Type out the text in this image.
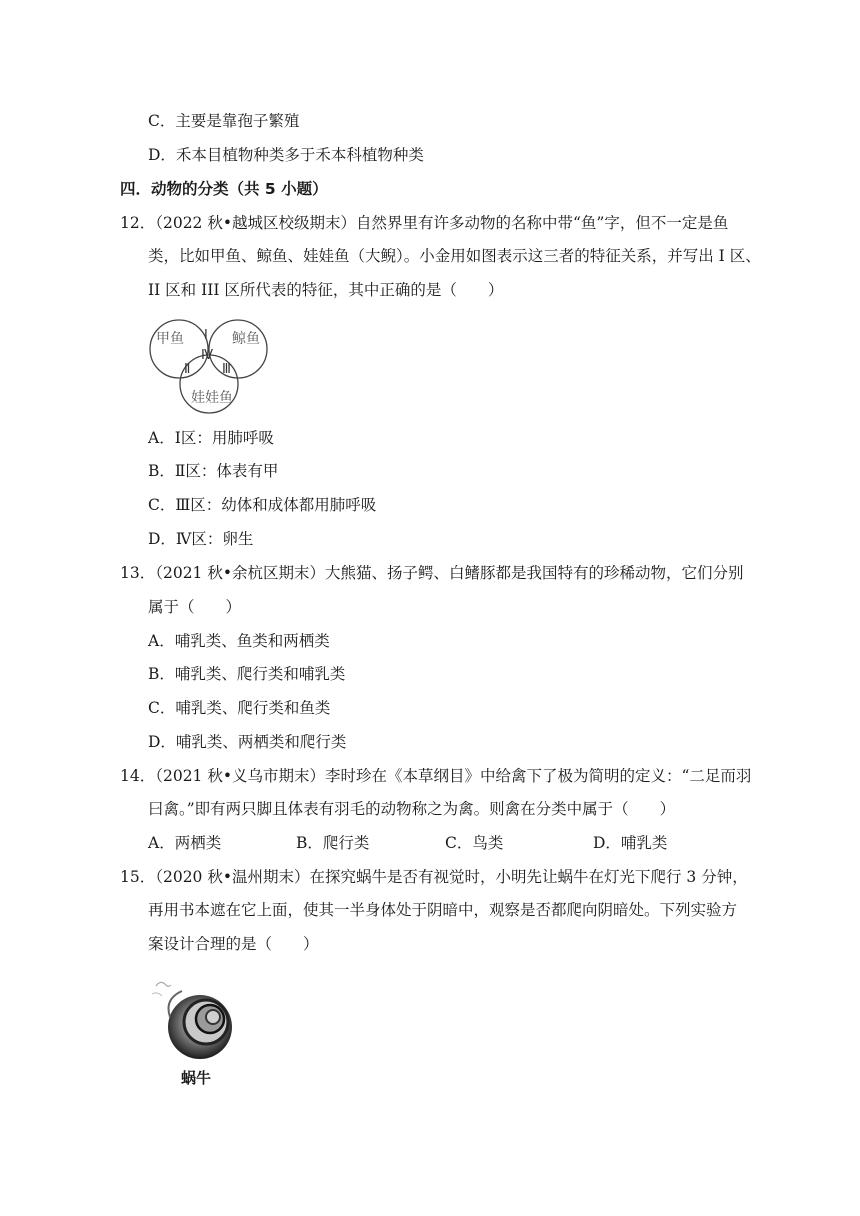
C．主要是靠孢子繁殖
D．禾本目植物种类多于禾本科植物种类
四．动物的分类（共 5 小题）
12．（2022 秋•越城区校级期末）自然界里有许多动物的名称中带“鱼”字，但不一定是鱼
类，比如甲鱼、鲸鱼、娃娃鱼（大鲵）。小金用如图表示这三者的特征关系，并写出 I 区、
II 区和 III 区所代表的特征，其中正确的是（　　）
甲鱼	鲸鱼
娃娃鱼
Ⅰ
Ⅱ Ⅲ
Ⅳ
A．Ⅰ区：用肺呼吸
B．Ⅱ区：体表有甲
C．Ⅲ区：幼体和成体都用肺呼吸
D．Ⅳ区：卵生
13．（2021 秋•余杭区期末）大熊猫、扬子鳄、白鳍豚都是我国特有的珍稀动物，它们分别
属于（　　）
A．哺乳类、鱼类和两栖类
B．哺乳类、爬行类和哺乳类
C．哺乳类、爬行类和鱼类
D．哺乳类、两栖类和爬行类
14．（2021 秋•义乌市期末）李时珍在《本草纲目》中给禽下了极为简明的定义：“二足而羽
曰禽。”即有两只脚且体表有羽毛的动物称之为禽。则禽在分类中属于（　　）
A．两栖类	B．爬行类	C．鸟类	D．哺乳类
15．（2020 秋•温州期末）在探究蜗牛是否有视觉时，小明先让蜗牛在灯光下爬行 3 分钟，
再用书本遮在它上面，使其一半身体处于阴暗中，观察是否都爬向阴暗处。下列实验方
案设计合理的是（　　）
蜗牛
